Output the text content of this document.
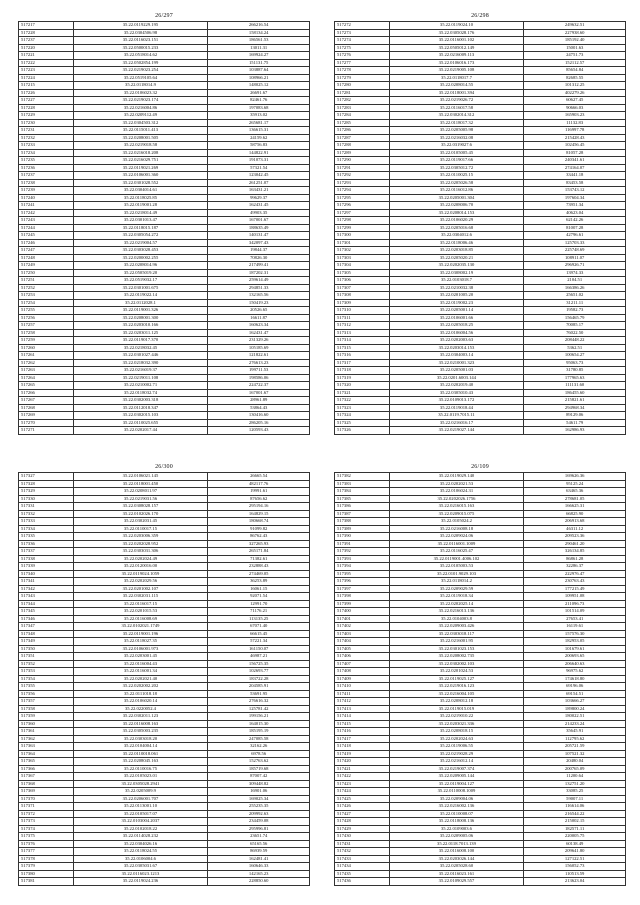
26/297
517217	35.22.0119229.195	266216.54
517228	35.22.0304506.98	158134.24
517237	35.22.0116023.151	186561.53
517220	35.22.0500015.233	13011.31
517221	35.22.0518014.62	169924.27
517222	35.22.0502854.199	151131.75
517223	35.22.0219023.254	103887.64
517224	35.22.0519105.64	108966.21
517215	35.22.0118014.9	148025.12
517226	35.22.0106023.32	26691.67
517227	35.22.0219023.174	82461.76
517228	35.22.0216004.86	197083.68
517229	35.22.0209112.49	35913.02
517230	35.22.0304503.312	265681.17
517231	35.22.0115011.413	136615.31
517232	35.22.0208001.505	24159.62
517233	35.22.0219018.58	58756.83
517234	35.22.0216018.208	144822.91
517235	35.22.0216029.751	191073.31
517236	35.22.0119021.269	57321.54
517237	35.22.0106001.360	123042.45
517238	35.22.0301028.552	261251.07
517239	35.22.0304014.61	163431.21
517240	35.22.0118025.85	99629.37
517241	35.22.0119001.28	162431.45
517242	35.22.0218014.49	49903.35
517243	35.22.0301013.47	167001.67
517244	35.22.0118015.187	188635.49
517245	35.22.0305054.272	140131.47
517246	35.22.0219004.57	342097.43
517247	35.22.0303028.453	19844.37
517248	35.22.0200002.255	70826.30
517249	35.22.0208014.96	217499.41
517250	35.22.0505019.20	187202.31
517251	35.22.0519032.17	259614.49
517252	35.22.0301001.675	294851.33
517253	35.22.0119022.14	132165.56
517254	35.22.0112028.1	150419.23
517255	35.22.0119001.326	20526.65
517256	35.22.0208001.300	16611.87
517257	35.22.0203010.166	160623.34
517258	35.22.0203011.125	162431.47
517259	35.22.0119017.370	231329.26
517260	35.22.0218032.45	105185.69
517261	35.22.0301027.446	121822.61
517262	35.22.0218032.390	276613.23
517263	35.22.0216019.37	199711.53
517264	35.22.0219011.108	198586.06
517265	35.22.0210002.71	224722.37
517266	35.22.0118032.74	167001.67
517267	35.22.0302003.318	28961.89
517268	35.22.0112018.347	53864.43
517269	35.22.0302015.103	130416.60
517270	35.22.0110025.655	286205.16
517271	35.22.0202017.44	120593.43
26/298
517272	35.22.0119024.10	249632.51
517273	35.22.0305028.176	227938.60
517274	35.22.0116001.102	185192.40
517275	35.22.0505012.149	15001.63
517276	35.22.0216009.113	24751.73
517277	35.22.0106016.173	152112.57
517278	35.22.0219005.108	85654.84
517279	35.22.0118017.7	82685.55
517280	35.22.0208014.55	101312.25
517281	35.22.0118001.394	402279.26
517282	35.22.0219026.72	60627.45
517283	35.22.0116017.58	90666.03
517284	35.22.0302014.312	165903.23
517285	35.22.0118017.32	11132.83
517286	35.22.0205005.98	116997.78
517287	35.22.0216032.08	215428.43
517288	35.22.0319027.6	102456.45
517289	35.22.0105005.45	81057.28
517290	35.22.0119017.66	240341.61
517291	35.22.0305012.72	274164.07
517292	35.22.0110025.15	33441.18
517293	35.22.0205026.58	83453.58
517294	35.22.0116012.86	153743.12
517295	35.22.0205001.304	197604.34
517296	35.22.0208006.70	73951.34
517297	35.22.0208014.153	40623.04
517298	35.22.0106020.29	62142.26
517299	35.22.0205016.68	81007.28
517300	35.22.0304012.6	42796.61
517301	35.22.0118006.46	125703.33
517302	35.22.0203018.85	225748.69
517303	35.22.0205020.21	108911.07
517304	35.22.0202035.130	296926.71
517305	35.22.0308002.19	13974.33
517306	35.22.0103018.7	2104.51
517307	35.22.0210032.38	166386.26
517308	35.22.0201005.20	25651.02
517309	35.22.0119002.23	31211.11
517310	35.22.0205001.14	19582.73
517311	35.22.0106001.66	156465.79
517312	35.22.0205018.25	70085.17
517313	35.22.0106004.56	76022.50
517314	35.22.0202003.63	208448.22
517315	35.22.0203014.153	5362.51
517316	35.22.0304003.14	100654.27
517317	35.22.0210001.323	95063.73
517318	35.22.0205001.03	31780.85
517319	35.22.0201.6003.144	177965.63
517320	35.22.0202019.40	111131.60
517321	35.22.0305010.43	186455.60
517322	35.22.0109013.172	215821.61
517323	35.22.0119018.44	294968.34
517324	35.22.0119.7015.11	89129.06
517325	35.22.0216016.17	54611.79
517326	35.22.0219027.144	162986.93
26/300
517327	35.22.0106021.145	26665.54
517328	35.22.0118001.450	482117.76
517329	35.22.0208011.97	19991.61
517330	35.22.0219031.56	87656.62
517331	35.22.0308028.157	295194.16
517332	35.22.0102026.170	164829.15
517333	35.22.0302031.45	180668.74
517334	35.22.0110017.15	91099.82
517335	35.22.0203006.359	86762.43
517336	35.22.0202028.952	327265.93
517337	35.22.0303031.306	265171.84
517338	35.22.0202024.49	71382.61
517339	35.22.0120016.00	232888.43
517340	35.22.0119024.1059	274469.05
517341	35.22.0202029.56	36253.89
517342	35.22.0201002.107	16061.15
517343	35.22.0302031.115	92071.54
517344	35.22.0116017.15	12991.70
517345	35.22.0201015.53	71176.21
517346	35.22.0116008.69	113135.25
517347	35.22.0102021.1749	67071.40
517348	35.22.0119001.196	66615.45
517349	35.22.0118027.35	57221.34
517350	35.22.0106001.973	161150.07
517351	35.22.0203001.45	46987.21
517352	35.22.0116004.43	156725.35
517353	35.22.0116001.34	102693.77
517354	35.22.0202021.40	183722.28
517355	35.22.0202002.202	204585.91
517356	35.22.0111018.18	53691.95
517357	35.22.0106020.14	276616.32
517358	35.22.0220052.4	125781.42
517359	35.22.0302011.123	199156.21
517360	35.22.0116008.163	164015.30
517361	35.22.0305003.235	185195.19
517362	35.22.0303018.20	247085.58
517363	35.22.0104004.14	32162.26
517364	35.22.0110018.061	6978.56
517365	35.22.0208045.163	152763.62
517366	35.22.0110016.75	185719.68
517367	35.22.0105023.01	87007.42
517368	35.22.0305028.2941	309448.82
517369	35.22.0205009.9	16901.06
517370	35.22.0206001.707	169025.34
517371	35.22.0113001.10	255235.35
517372	35.22.0105017.07	209992.63
517373	35.22.0103004.2037	234459.08
517374	35.22.0102018.22	295996.81
517375	35.22.0114028.232	23651.74
517376	35.22.0304026.16	65165.56
517377	35.22.0118024.55	86939.59
517378	35.22.0106004.6	162481.41
517379	35.22.0305031.67	160646.33
517380	35.22.0116023.1213	142165.23
517381	35.22.0119024.236	228850.60
26/109
517382	35.22.0119029.140	169626.36
517383	35.22.0202021.53	95125.24
517384	35.22.0106024.31	63465.36
517385	35.22.0202026.1756	278681.05
517386	35.22.0216015.163	166625.31
517387	35.22.0209015.075	66825.90
517388	35.22.0105024.2	206913.68
517389	35.22.0216008.18	46311.12
517390	35.22.0209024.06	209523.36
517391	35.22.0116001.1009	290461.20
517392	35.22.0116025.47	326134.85
517393	35.22.0119001.4006.102	86861.28
517394	35.22.0105003.53	32286.37
517395	35.22.0101.9029.103	222976.47
517396	35.22.0118014.2	230763.43
517397	35.22.0209029.59	177215.49
517398	35.22.0119018.34	109951.08
517399	35.22.0202025.14	211096.73
517400	35.22.0216013.136	101514.09
517401	35.22.0104003.8	27653.41
517402	35.22.0209003.426	16119.61
517403	35.22.0303018.117	157576.30
517404	35.22.0216001.95	182953.05
517405	35.22.0301023.153	101679.61
517406	35.22.0208002.735	200693.65
517407	35.22.0302002.103	206640.63
517408	35.22.0201024.53	96975.62
517409	35.22.0119025.127	174618.80
517410	35.22.0219016.123	69196.06
517411	35.22.0216004.105	69154.51
517412	35.22.0208012.18	103666.27
517413	35.22.0119015.019	189800.24
517414	35.22.0219010.22	180022.51
517415	35.22.0203021.336	214233.24
517416	35.22.0208018.15	35645.91
517417	35.22.0202024.63	112795.62
517418	35.22.0119006.55	205721.59
517419	35.22.0219028.29	107521.32
517420	35.22.0216012.14	20480.04
517421	35.22.0219007.374	200765.09
517422	35.22.0209005.144	11200.64
517423	35.22.0119004.127	132751.20
517424	35.22.0110008.1009	33085.25
517425	35.22.0209004.06	59007.11
517426	35.22.0216002.136	116614.06
517427	35.22.0110008.07	216544.22
517428	35.22.0118008.136	215002.15
517429	35.22.0109003.6	182571.11
517430	35.22.0209005.06	220005.75
517431	35.22.0118.7013.139	60138.49
517432	35.22.0116008.100	209641.80
517433	35.22.0203026.144	127122.51
517434	35.22.0205028.60	156052.73
517435	35.22.0116023.161	110513.59
517436	35.22.0109029.557	213623.04
